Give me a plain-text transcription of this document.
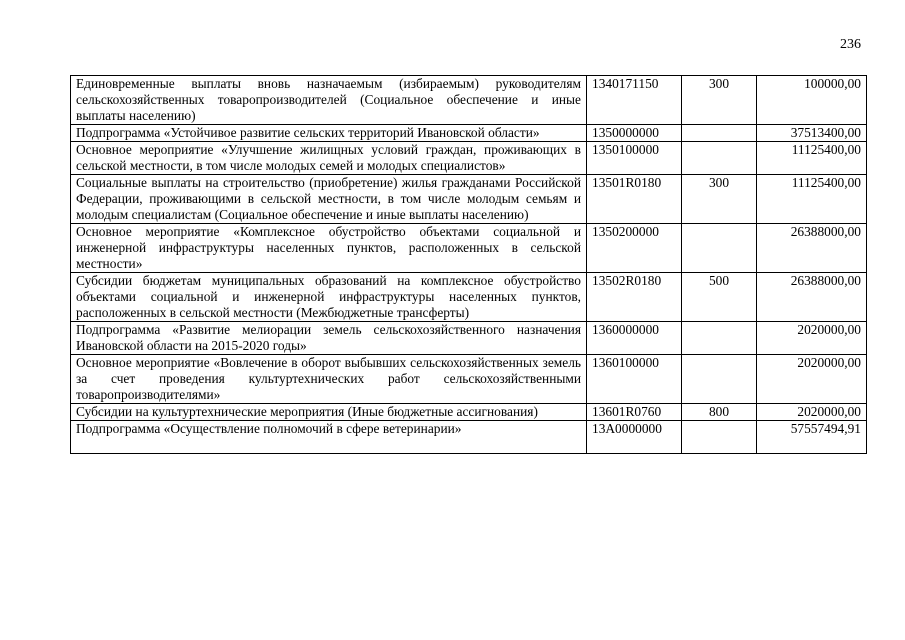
236
Единовременные выплаты вновь назначаемым (избираемым) руководителям сельскохозяйственных товаропроизводителей (Социальное обеспечение и иные выплаты населению)	1340171150	300	100000,00
Подпрограмма «Устойчивое развитие сельских территорий Ивановской области»	1350000000		37513400,00
Основное мероприятие «Улучшение жилищных условий граждан, проживающих в сельской местности, в том числе молодых семей и молодых специалистов»	1350100000		11125400,00
Социальные выплаты на строительство (приобретение) жилья гражданами Российской Федерации, проживающими в сельской местности, в том числе молодым семьям и молодым специалистам (Социальное обеспечение и иные выплаты населению)	13501R0180	300	11125400,00
Основное мероприятие «Комплексное обустройство объектами социальной и инженерной инфраструктуры населенных пунктов, расположенных в сельской местности»	1350200000		26388000,00
Субсидии бюджетам муниципальных образований на комплексное обустройство объектами социальной и инженерной инфраструктуры населенных пунктов, расположенных в сельской местности (Межбюджетные трансферты)	13502R0180	500	26388000,00
Подпрограмма «Развитие мелиорации земель сельскохозяйственного назначения Ивановской области на 2015-2020 годы»	1360000000		2020000,00
Основное мероприятие «Вовлечение в оборот выбывших сельскохозяйственных земель за счет проведения культуртехнических работ сельскохозяйственными товаропроизводителями»	1360100000		2020000,00
Субсидии на культуртехнические мероприятия (Иные бюджетные ассигнования)	13601R0760	800	2020000,00
Подпрограмма «Осуществление полномочий в сфере ветеринарии»	13А0000000		57557494,91
